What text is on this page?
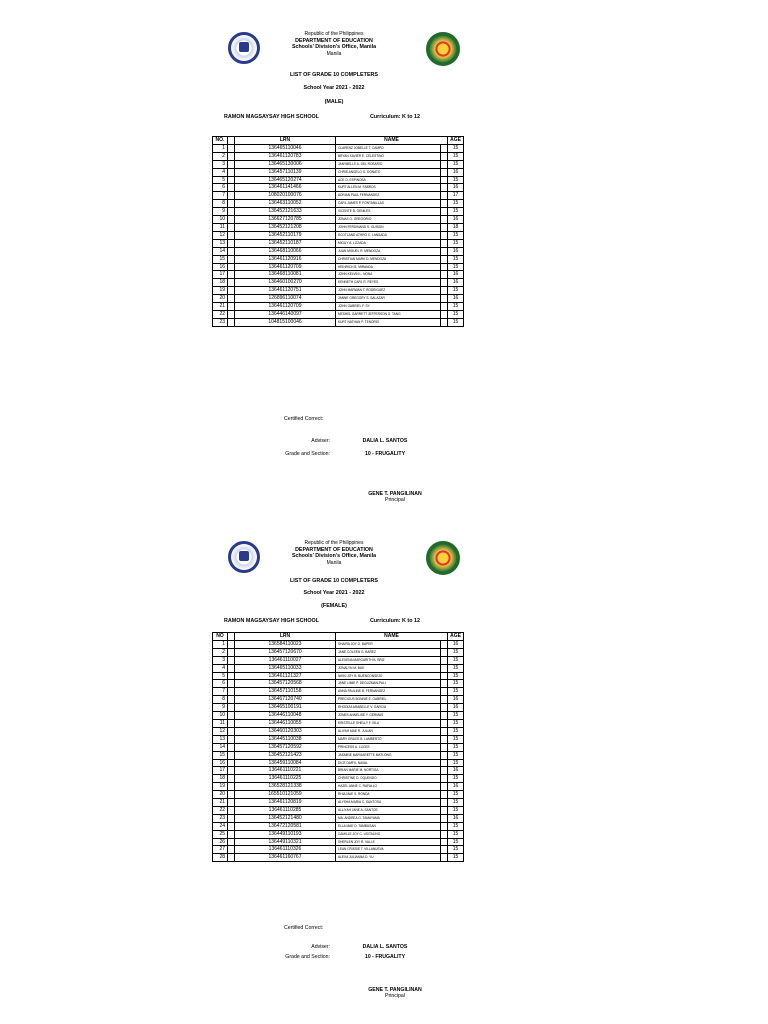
Republic of the Philippines
DEPARTMENT OF EDUCATION
Schools' Division's Office, Manila
Manila
LIST OF GRADE 10 COMPLETERS
School Year 2021 - 2022
(MALE)
RAMON MAGSAYSAY HIGH SCHOOL	Curriculum: K to 12
NO.		LRN	NAME		AGE
1		136465110046	CLARENZ JOBELLE T. CAMPO		15
2		136461120783	BRYAN XAVIER E. CELESTINO		15
3		136465130006	JANYBELLE A. DEL ROSARIO		15
4		136457110139	CHRIS ANGELO G. DONATO		16
5		136465120274	ACE D. ESPINOSA		15
6		136461141466	KURT ALLEN M. FABROS		16
7		108020100076	ADRIAN PAUL FERNANDEZ		17
8		136463110052	CARL JAMES P. FONTANILLAS		15
9		136452121633	VICENTE B. GENILES		15
10		136627120785	JONAS G. GREGORIO		16
11		136452121208	JOHN FERDINAND S. GUISON		18
12		136452110179	SCOTLAND ATHRO C. LANSADA		15
13		136452110187	MIGUY A. LOZADA		15
14		136468110066	JUAN MIGUEL R. MENDOZA		16
15		136461120916	CHRISTIAN MARK D. MENDOZA		15
16		136461120709	HEINRICH B. MIRANDA		15
17		136468110081	JOHN KELVIN L. NONA		16
18		136460100270	KENNETH CARL R. REYES		16
19		136461120751	JOHN MARWAN T. RODRIGUEZ		15
20		126896110074	JANNE GREGORY S. SALAZAR		16
21		136461120709	JOHN GABRIEL F. SY		15
22		136446140097	MESHEL GARRETT JEFFERSON G. TANG		15
23		104815100046	KURT NATHAN P. TENORIO		15
Certified Correct:
Adviser:	DALIA L. SANTOS
Grade and Section:	10 - FRUGALITY
GENE T. PANGILINAN
Principal
Republic of the Philippines
DEPARTMENT OF EDUCATION
Schools' Division's Office, Manila
Manila
LIST OF GRADE 10 COMPLETERS
School Year 2021 - 2022
(FEMALE)
RAMON MAGSAYSAY HIGH SCHOOL	Curriculum: K to 12
NO		LRN	NAME		AGE
1		136584110023	SHAIRA JOY G. BAPER		16
2		136457120670	JANE COLEEN G. BAÑEZ		15
3		136461110027	ALEXENA MARGARITH B. BRIZ		15
4		136465110033	JONALYN M. BUE		15
5		136461121327	NIKKI JOY B. BUENCONSEJO		15
6		136457120568	JANE LIMIE P. DEGUZMAN-PALI		15
7		136457110158	ANNA PAULINE B. FERNANDEZ		15
8		136467120740	PRECIOUS BONNIE E. GABRIEL		16
9		136465100191	RHODIZA ARABELLE V. GARCIA		16
10		136446110048	JONES ANNELISE Y. GERMAS		15
11		136446110055	KRISTELLE SHELLY F. ISLA		15
12		136460120303	ALIYAH MAE R. JULIAN		15
13		136445110038	MARY GRACE B. LAMBERTO		15
14		136457120592	PRINCESS A. LUCES		15
15		136452121423	JASMINE MARGARETTE MATI-ONG		15
16		136459110084	DICE DARYL NAVAL		15
17		136461110221	BRIAN MARIE M. NORTIGA		16
18		136461110225	CHRISTINE D. OQUENDO		15
19		136528121338	HAZEL ANNE C. RAFALLO		16
20		165510121059	RHIA MAE S. RONDA		15
21		136461120819	ALYSHA MARIA C. SANTOSA		15
22		136461110285	ALLIYAH JANE A. SANTOS		15
23		136452121480	MA. ANDREA G. TAMAYAMA		16
24		136472120581	ELLA MAE D. TAMBUSAN		15
25		136449110193	CAMILLE JOY C. USITALINO		15
26		136449110321	SHERLEN JOY R. VALLE		15
27		136461110326	LEAN CRISSIE T. VILLANUEVA		15
28		136461160767	ALEXA JULIANNA D. YU		15
Certified Correct:
Adviser:	DALIA L. SANTOS
Grade and Section:	10 - FRUGALITY
GENE T. PANGILINAN
Principal
